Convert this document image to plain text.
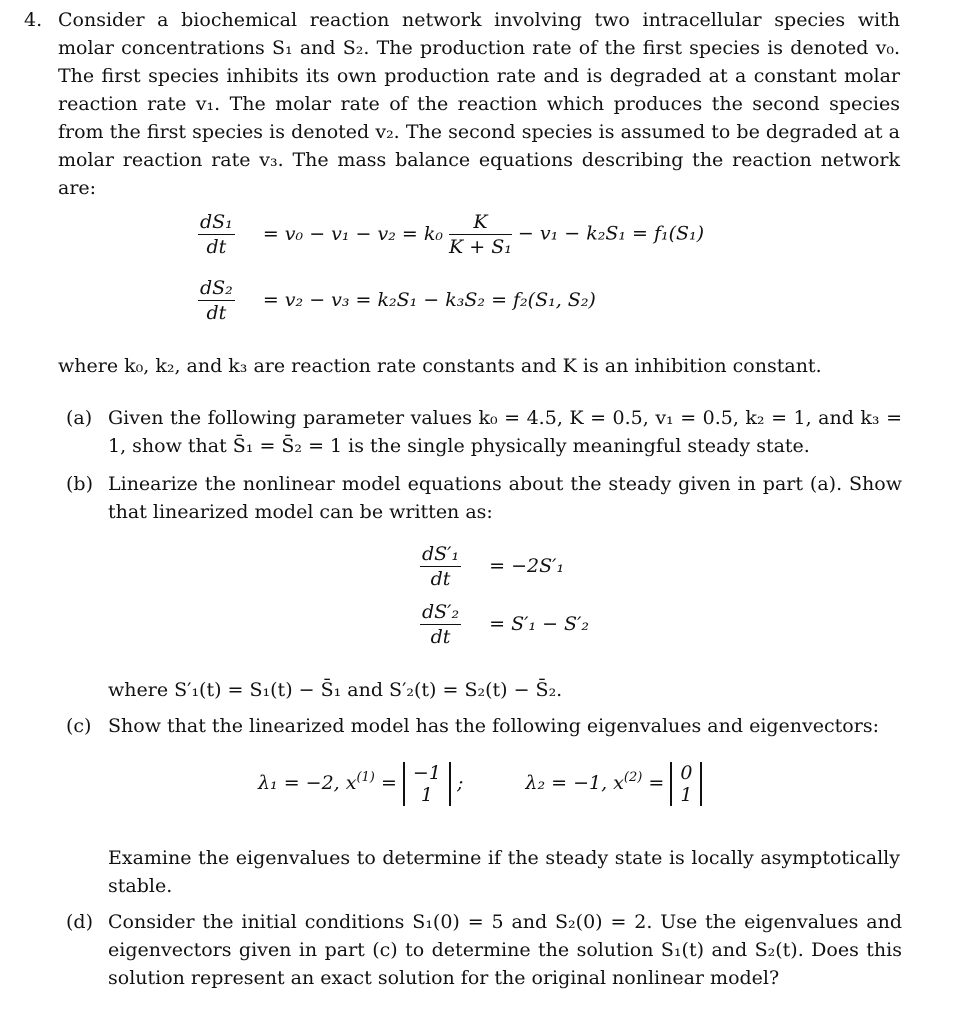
4. Consider a biochemical reaction network involving two intracellular species with molar concentrations S₁ and S₂. The production rate of the first species is denoted v₀. The first species inhibits its own production rate and is degraded at a constant molar reaction rate v₁. The molar rate of the reaction which produces the second species from the first species is denoted v₂. The second species is assumed to be degraded at a molar reaction rate v₃. The mass balance equations describing the reaction network are:
$\frac{\text{dS₁}}{dt} = v_0 - v_1 - v_2 = k_0 \frac{K}{\text{K + S₁}} - v_1 - k_2S_1 = f_1(S_1)$
$\frac{\text{dS₂}}{dt} = v_2 - v_3 = k_2S_1 - k_3S_2 = f_2(S_1$, S₂)
where k₀, k₂, and k₃ are reaction rate constants and K is an inhibition constant.
(a) Given the following parameter values k₀ = 4.5, K = 0.5, v₁ = 0.5, k₂ = 1, and k₃ = 1, show that S̄₁ = S̄₂ = 1 is the single physically meaningful steady state.
(b) Linearize the nonlinear model equations about the steady given in part (a). Show that linearized model can be written as:
$\frac{\text{dS′₁}}{dt} = -2S'_1$
$\frac{\text{dS′₂}}{dt} = S'_1 - S'_2$
where S′₁(t) = S₁(t) − S̄₁ and S′₂(t) = S₂(t) − S̄₂.
(c) Show that the linearized model has the following eigenvalues and eigenvectors:
λ₁ = −2, $x^{(1)} = -1$
1
;	λ₂ = −1, $x^{(2)} = 0$
1
Examine the eigenvalues to determine if the steady state is locally asymptotically stable.
(d) Consider the initial conditions S₁(0) = 5 and S₂(0) = 2. Use the eigenvalues and eigenvectors given in part (c) to determine the solution S₁(t) and S₂(t). Does this solution represent an exact solution for the original nonlinear model?
